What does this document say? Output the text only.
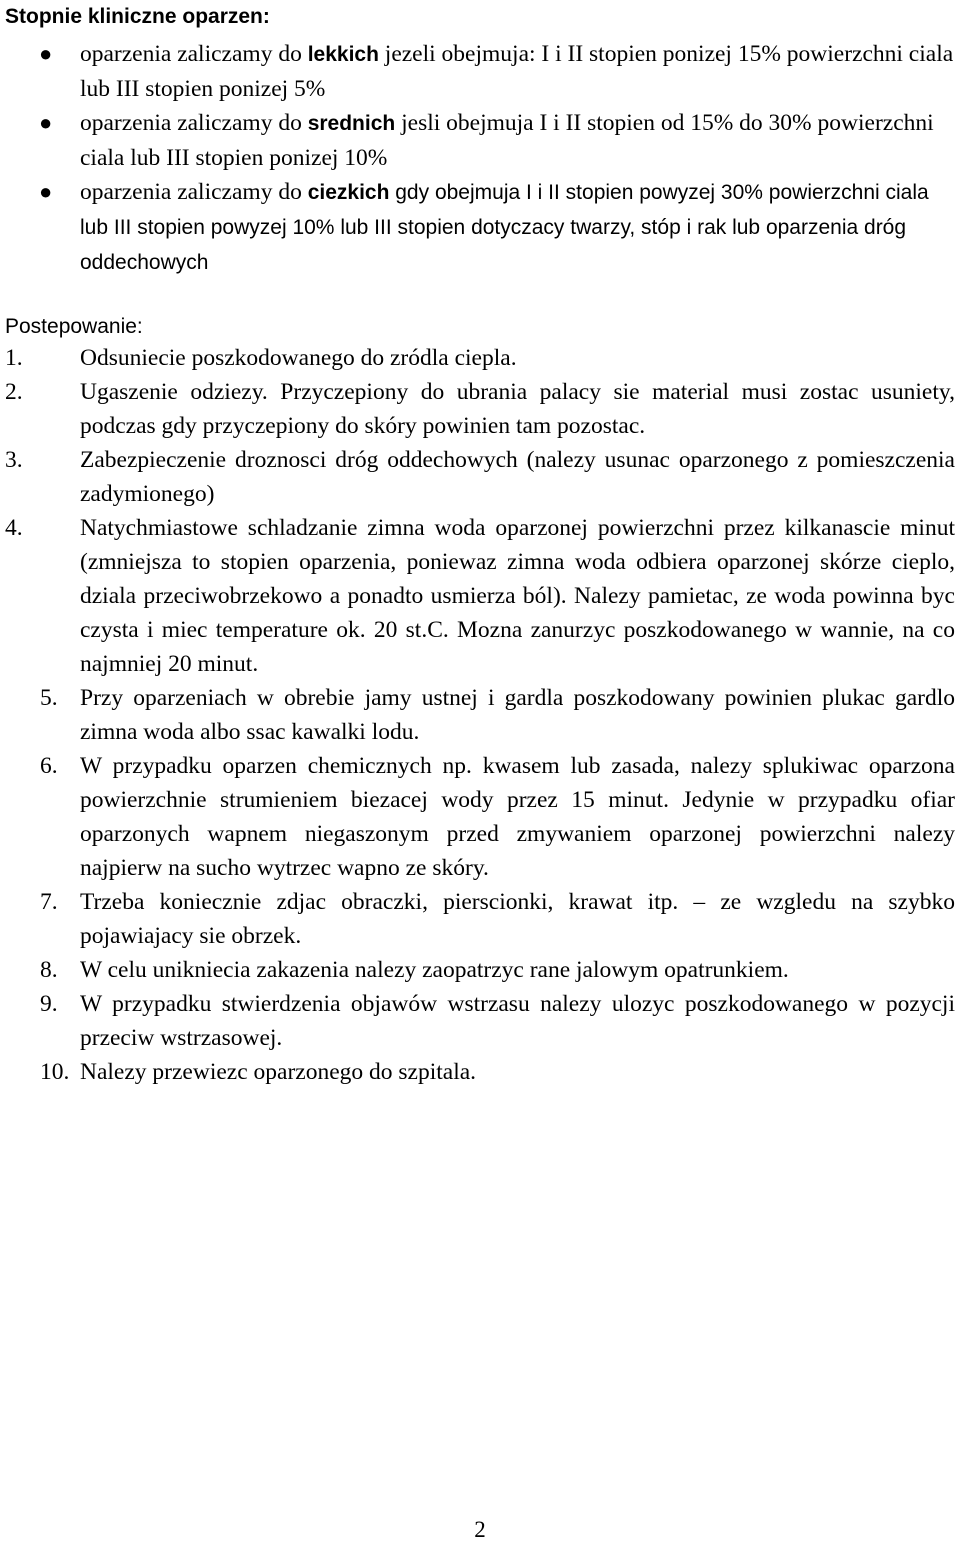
Stopnie kliniczne oparzen:
● oparzenia zaliczamy do lekkich jezeli obejmuja: I i II stopien ponizej 15% powierzchni ciala lub III stopien ponizej 5%
● oparzenia zaliczamy do srednich jesli obejmuja I i II stopien od 15% do 30% powierzchni ciala lub III stopien ponizej 10%
● oparzenia zaliczamy do ciezkich gdy obejmuja I i II stopien powyzej 30% powierzchni ciala lub III stopien powyzej 10% lub III stopien dotyczacy twarzy, stóp i rak lub oparzenia dróg oddechowych
Postepowanie:
1. Odsuniecie poszkodowanego do zródla ciepla.
2. Ugaszenie odziezy. Przyczepiony do ubrania palacy sie material musi zostac usuniety, podczas gdy przyczepiony do skóry powinien tam pozostac.
3. Zabezpieczenie droznosci dróg oddechowych (nalezy usunac oparzonego z pomieszczenia zadymionego)
4. Natychmiastowe schladzanie zimna woda oparzonej powierzchni przez kilkanascie minut (zmniejsza to stopien oparzenia, poniewaz zimna woda odbiera oparzonej skórze cieplo, dziala przeciwobrzekowo a ponadto usmierza ból). Nalezy pamietac, ze woda powinna byc czysta i miec temperature ok. 20 st.C. Mozna zanurzyc poszkodowanego w wannie, na co najmniej 20 minut.
5. Przy oparzeniach w obrebie jamy ustnej i gardla poszkodowany powinien plukac gardlo zimna woda albo ssac kawalki lodu.
6. W przypadku oparzen chemicznych np. kwasem lub zasada, nalezy splukiwac oparzona powierzchnie strumieniem biezacej wody przez 15 minut. Jedynie w przypadku ofiar oparzonych wapnem niegaszonym przed zmywaniem oparzonej powierzchni nalezy najpierw na sucho wytrzec wapno ze skóry.
7. Trzeba koniecznie zdjac obraczki, pierscionki, krawat itp. – ze wzgledu na szybko pojawiajacy sie obrzek.
8. W celu unikniecia zakazenia nalezy zaopatrzyc rane jalowym opatrunkiem.
9. W przypadku stwierdzenia objawów wstrzasu nalezy ulozyc poszkodowanego w pozycji przeciw wstrzasowej.
10. Nalezy przewiezc oparzonego do szpitala.
2
